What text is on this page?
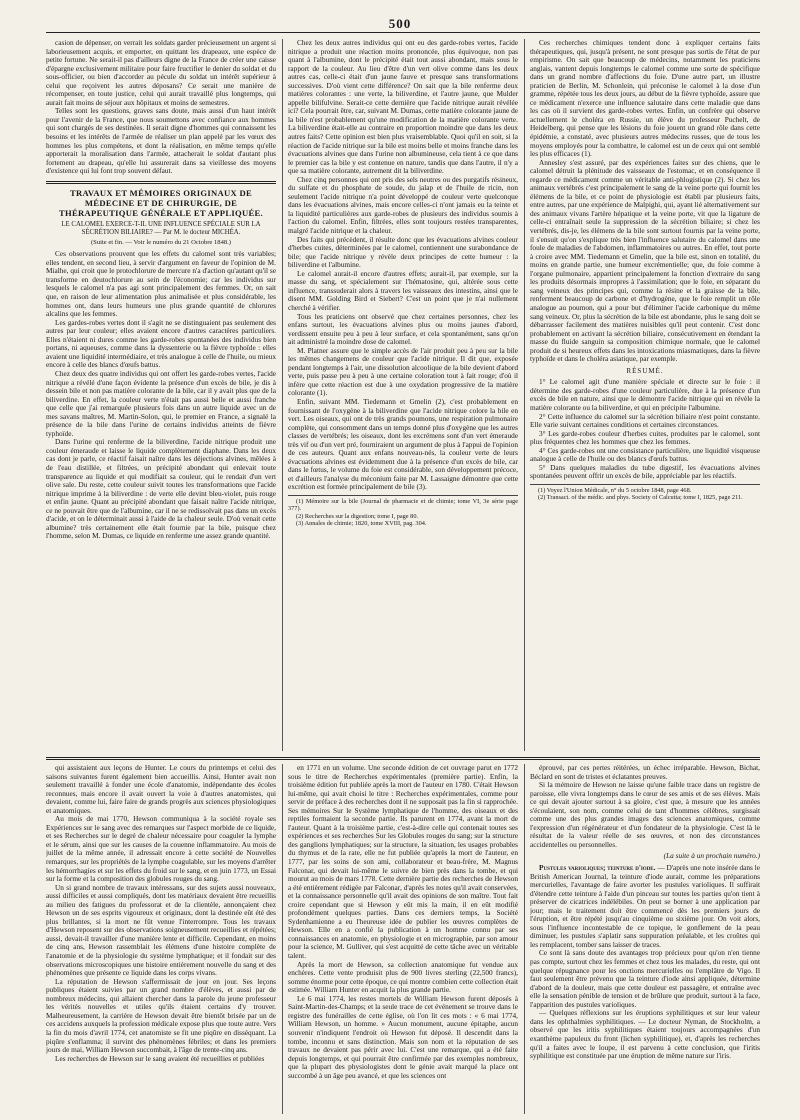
500

casion de dépenser, on verrait les soldats garder précieusement un argent si laborieusement acquis, et emporter, en quittant les drapeaux, une espèce de petite fortune. Ne serait-il pas d'ailleurs digne de la France de créer une caisse d'épargne exclusivement militaire pour faire fructifier le denier du soldat et du sous-officier, ou bien d'accorder au pécule du soldat un intérêt supérieur à celui que reçoivent les autres déposans? Ce serait une manière de récompenser, en toute justice, celui qui aurait travaillé plus longtemps, qui aurait fait moins de séjour aux hôpitaux et moins de semestres.

Telles sont les questions, graves sans doute, mais aussi d'un haut intérêt pour l'avenir de la France, que nous soumettons avec confiance aux hommes qui sont chargés de ses destinées. Il serait digne d'hommes qui connaissent les besoins et les intérêts de l'armée de réaliser un plan appelé par les vœux des hommes les plus compétens, et dont la réalisation, en même temps qu'elle apporterait la moralisation dans l'armée, attacherait le soldat d'autant plus fortement au drapeau, qu'elle lui assurerait dans sa vieillesse des moyens d'existence qui lui font trop souvent défaut.

TRAVAUX ET MÉMOIRES ORIGINAUX DE MÉDECINE ET DE CHIRURGIE, DE THÉRAPEUTIQUE GÉNÉRALE ET APPLIQUÉE.
LE CALOMEL EXERCE-T-IL UNE INFLUENCE SPÉCIALE SUR LA SÉCRÉTION BILIAIRE? — Par M. le docteur MICHÉA.
(Suite et fin. — Voir le numéro du 21 Octobre 1848.)

Ces observations prouvent que les effets du calomel sont très variables; elles tendent, en second lieu, à servir d'argument en faveur de l'opinion de M. Mialhe, qui croit que le protochlorure de mercure n'a d'action qu'autant qu'il se transforme en deutochlorure au sein de l'économie; car les individus sur lesquels le calomel n'a pas agi sont principalement des femmes. Or, on sait que, en raison de leur alimentation plus animalisée et plus considérable, les hommes ont, dans leurs humeurs une plus grande quantité de chlorures alcalins que les femmes.

Les gardes-robes vertes dont il s'agit ne se distinguaient pas seulement des autres par leur couleur; elles avaient encore d'autres caractères particuliers. Elles n'étaient ni dures comme les garde-robes spontanées des individus bien portans, ni aqueuses, comme dans la dyssenterie ou la fièvre typhoïde : elles avaient une liquidité intermédiaire, et très analogue à celle de l'huile, ou mieux encore à celle des blancs d'œufs battus.

Chez deux des quatre individus qui ont offert les garde-robes vertes, l'acide nitrique a révélé d'une façon évidente la présence d'un excès de bile, je dis à dessein bile et non pas matière colorante de la bile, car il y avait plus que de la biliverdine. En effet, la couleur verte n'était pas aussi belle et aussi franche que celle que j'ai remarquée plusieurs fois dans un autre liquide avec un de mes savans maîtres, M. Martin-Solon, qui, le premier en France, a signalé la présence de la bile dans l'urine de certains individus atteints de fièvre typhoïde.

Dans l'urine qui renferme de la biliverdine, l'acide nitrique produit une couleur émeraude et laisse le liquide complètement diaphane. Dans les deux cas dont je parle, ce réactif faisait naître dans les déjections alvines, mêlées à de l'eau distillée, et filtrées, un précipité abondant qui enlevait toute transparence au liquide et qui modifiait sa couleur, qui le rendait d'un vert olive sale. Du reste, cette couleur suivit toutes les transformations que l'acide nitrique imprime à la biliverdine : de verte elle devint bleu-violet, puis rouge et enfin jaune. Quant au précipité abondant que faisait naître l'acide nitrique, ce ne pouvait être que de l'albumine, car il ne se redissolvait pas dans un excès d'acide, et on le déterminait aussi à l'aide de la chaleur seule. D'où venait cette albumine? très certainement elle était fournie par la bile, puisque chez l'homme, selon M. Dumas, ce liquide en renferme une assez grande quantité.

Chez les deux autres individus qui ont eu des garde-robes vertes, l'acide nitrique a produit une réaction moins prononcée, plus équivoque, non pas quant à l'albumine, dont le précipité était tout aussi abondant, mais sous le rapport de la couleur. Au lieu d'être d'un vert olive comme dans les deux autres cas, celle-ci était d'un jaune fauve et presque sans transformations successives. D'où vient cette différence? On sait que la bile renferme deux matières colorantes : une verte, la biliverdine, et l'autre jaune, que Mulder appelle bilifulvine. Serait-ce cette dernière que l'acide nitrique aurait révélée ici? Cela pourrait être, car, suivant M. Dumas, cette matière colorante jaune de la bile n'est probablement qu'une modification de la matière colorante verte. La biliverdine était-elle au contraire en proportion moindre que dans les deux autres faits? Cette opinion est bien plus vraisemblable. Quoi qu'il en soit, si la réaction de l'acide nitrique sur la bile est moins belle et moins franche dans les évacuations alvines que dans l'urine non albumineuse, cela tient à ce que dans le premier cas la bile y est contenue en nature, tandis que dans l'autre, il n'y a que sa matière colorante, autrement dit la biliverdine.

Chez cinq personnes qui ont pris des sels neutres ou des purgatifs résineux, du sulfate et du phosphate de soude, du jalap et de l'huile de ricin, non seulement l'acide nitrique n'a point développé de couleur verte quelconque dans les évacuations alvines, mais encore celles-ci n'ont jamais eu la teinte et la liquidité particulières aux garde-robes de plusieurs des individus soumis à l'action du calomel. Enfin, filtrées, elles sont toujours restées transparentes, malgré l'acide nitrique et la chaleur.

Des faits qui précèdent, il résulte donc que les évacuations alvines couleur d'herbes cuites, déterminées par le calomel, contiennent une surabondance de bile; que l'acide nitrique y révèle deux principes de cette humeur : la biliverdine et l'albumine.

Le calomel aurait-il encore d'autres effets; aurait-il, par exemple, sur la masse du sang, et spécialement sur l'hématosine, qui, altérée sous cette influence, transsuderait alors à travers les vaisseaux des intestins, ainsi que le disent MM. Golding Bird et Siebert? C'est un point que je n'ai nullement cherché à vérifier.

Tous les praticiens ont observé que chez certaines personnes, chez les enfans surtout, les évacuations alvines plus ou moins jaunes d'abord, verdissent ensuite peu à peu à leur surface, et cela spontanément, sans qu'on ait administré la moindre dose de calomel.

M. Platner assure que le simple accès de l'air produit peu à peu sur la bile les mêmes changemens de couleur que l'acide nitrique. Il dit que, exposée pendant longtemps à l'air, une dissolution alcoolique de la bile devient d'abord verte, puis passe peu à peu à une certaine coloration tout à fait rouge; d'où il infère que cette réaction est due à une oxydation progressive de la matière colorante (1).

Enfin, suivant MM. Tiedemann et Gmelin (2), c'est probablement en fournissant de l'oxygène à la biliverdine que l'acide nitrique colore la bile en vert. Les oiseaux, qui ont de très grands poumons, une respiration pulmonaire complète, qui consomment dans un temps donné plus d'oxygène que les autres classes de vertébrés; les oiseaux, dont les excrémens sont d'un vert émeraude très vif ou d'un vert pré, fourniraient un argument de plus à l'appui de l'opinion de ces auteurs. Quant aux enfans nouveau-nés, la couleur verte de leurs évacuations alvines est évidemment due à la présence d'un excès de bile, car dans le fœtus, le volume du foie est considérable, son développement précoce, et d'ailleurs l'analyse du méconium faite par M. Lassaigne démontre que cette excrétion est formée principalement de bile (3).

(1) Mémoire sur la bile (Journal de pharmacie et de chimie; tome VI, 3e série page 377).
(2) Recherches sur la digestion; tome I, page 80.
(3) Annales de chimie; 1820, tome XVIII, pag. 304.

Ces recherches chimiques tendent donc à expliquer certains faits thérapeutiques, qui, jusqu'à présent, ne sont presque pas sortis de l'état de pur empirisme. On sait que beaucoup de médecins, notamment les praticiens anglais, vantent depuis longtemps le calomel comme une sorte de spécifique dans un grand nombre d'affections du foie. D'une autre part, un illustre praticien de Berlin, M. Schonlein, qui préconise le calomel à la dose d'un gramme, répétée tous les deux jours, au début de la fièvre typhoïde, assure que ce médicament n'exerce une influence salutaire dans cette maladie que dans les cas où il survient des garde-robes vertes. Enfin, un confrère qui observe actuellement le choléra en Russie, un élève du professeur Puchelt, de Heidelberg, qui pense que les lésions du foie jouent un grand rôle dans cette épidémie, a constaté, avec plusieurs autres médecins russes, que de tous les moyens employés pour la combattre, le calomel est un de ceux qui ont semblé les plus efficaces (1).

Annesley s'est assuré, par des expériences faites sur des chiens, que le calomel détruit la plénitude des vaisseaux de l'estomac, et en conséquence il regarde ce médicament comme un véritable anti-phlogistique (2). Si chez les animaux vertébrés c'est principalement le sang de la veine porte qui fournit les élémens de la bile, et ce point de physiologie est établi par plusieurs faits, entre autres, par une expérience de Malpighi, qui, ayant lié alternativement sur des animaux vivans l'artère hépatique et la veine porte, vit que la ligature de celle-ci entraînait seule la suppression de la sécrétion biliaire; si chez les vertébrés, dis-je, les élémens de la bile sont surtout fournis par la veine porte, il s'ensuit qu'on s'explique très bien l'influence salutaire du calomel dans une foule de maladies de l'abdomen, inflammatoires ou autres. En effet, tout porte à croire avec MM. Tiedemann et Gmelin, que la bile est, sinon en totalité, du moins en grande partie, une humeur excrémentielle; que, du foie comme à l'organe pulmonaire, appartient principalement la fonction d'extraire du sang les produits désormais impropres à l'assimilation; que le foie, en séparant du sang veineux des principes qui, comme la résine et la graisse de la bile, renferment beaucoup de carbone et d'hydrogène, que le foie remplit un rôle analogue au poumon, qui a pour but d'éliminer l'acide carbonique du même sang veineux. Or, plus la sécrétion de la bile est abondante, plus le sang doit se débarrasser facilement des matières nuisibles qu'il peut contenir. C'est donc probablement en activant la sécrétion biliaire, consécutivement en étendant la masse du fluide sanguin sa composition chimique normale, que le calomel produit de si heureux effets dans les intoxications miasmatiques, dans la fièvre typhoïde et dans le choléra asiatique, par exemple.

RÉSUMÉ.

1° Le calomel agit d'une manière spéciale et directe sur le foie : il détermine des garde-robes d'une couleur particulière, due à la présence d'un excès de bile en nature, ainsi que le démontre l'acide nitrique qui en révèle la matière colorante ou la biliverdine, et qui en précipite l'albumine.

2° Cette influence du calomel sur la sécrétion biliaire n'est point constante. Elle varie suivant certaines conditions et certaines circonstances.

3° Les garde-robes couleur d'herbes cuites, produites par le calomel, sont plus fréquentes chez les hommes que chez les femmes.

4° Ces garde-robes ont une consistance particulière, une liquidité visqueuse analogue à celle de l'huile ou des blancs d'œufs battus.

5° Dans quelques maladies du tube digestif, les évacuations alvines spontanées peuvent offrir un excès de bile, appréciable par les réactifs.

(1) Voyez l'Union Médicale, n° du 5 octobre 1848, page 468.
(2) Transact. of the médic. and phys. Society of Calcutta; tome I, 1825, page 211.

qui assistaient aux leçons de Hunter. Le cours du printemps et celui des saisons suivantes furent également bien accueillis. Ainsi, Hunter avait non seulement travaillé à fonder une école d'anatomie, indépendante des écoles reconnues, mais encore il avait ouvert la voie à d'autres anatomistes, qui devaient, comme lui, faire faire de grands progrès aux sciences physiologiques et anatomiques.

Au mois de mai 1770, Hewson communiqua à la société royale ses Expériences sur le sang avec des remarques sur l'aspect morbide de ce liquide, et ses Recherches sur le degré de chaleur nécessaire pour coaguler la lymphe et le sérum, ainsi que sur les causes de la couenne inflammatoire. Au mois de juillet de la même année, il adressait encore à cette société de Nouvelles remarques, sur les propriétés de la lymphe coagulable, sur les moyens d'arrêter les hémorrhagies et sur les effets du froid sur le sang, et en juin 1773, un Essai sur la forme et la composition des globules rouges du sang.

Un si grand nombre de travaux intéressans, sur des sujets aussi nouveaux, aussi difficiles et aussi compliqués, dont les matériaux devaient être recueillis au milieu des fatigues du professorat et de la clientèle, annonçaient chez Hewson un de ses esprits vigoureux et originaux, dont la destinée eût été des plus brillantes, si la mort ne fût venue l'interrompre. Tous les travaux d'Hewson reposent sur des observations soigneusement recueillies et répétées; aussi, devait-il travailler d'une manière lente et difficile. Cependant, en moins de cinq ans, Hewson rassemblait les élémens d'une histoire complète de l'anatomie et de la physiologie du système lymphatique; et il fondait sur des observations microscopiques une histoire entièrement nouvelle du sang et des phénomènes que présente ce liquide dans les corps vivans.

La réputation de Hewson s'affermissait de jour en jour. Ses leçons publiques étaient suivies par un grand nombre d'élèves, et aussi par de nombreux médecins, qui allaient chercher dans la parole du jeune professeur les vérités nouvelles et utiles qu'ils étaient certains d'y trouver. Malheureusement, la carrière de Hewson devait être bientôt brisée par un de ces accidens auxquels la profession médicale expose plus que toute autre. Vers la fin du mois d'avril 1774, cet anatomiste se fit une piqûre en disséquant. La piqûre s'enflamma; il survint des phénomènes fébriles; et dans les premiers jours de mai, William Hewson succombait, à l'âge de trente-cinq ans.

Les recherches de Hewson sur le sang avaient été recueillies et publiées

en 1771 en un volume. Une seconde édition de cet ouvrage parut en 1772 sous le titre de Recherches expérimentales (première partie). Enfin, la troisième édition fut publiée après la mort de l'auteur en 1780. C'était Hewson lui-même, qui avait choisi le titre : Recherches expérimentales, comme pour servir de préface à des recherches dont il ne supposait pas la fin si rapprochée. Ses mémoires Sur le Système lymphatique de l'homme, des oiseaux et des reptiles formaient la seconde partie. Ils parurent en 1774, avant la mort de l'auteur. Quant à la troisième partie, c'est-à-dire celle qui contenait toutes ses expériences et ses recherches Sur les Globules rouges du sang; sur la structure des ganglions lymphatiques; sur la structure, la situation, les usages probables du thymus et de la rate, elle ne fut publiée qu'après la mort de l'auteur, en 1777, par les soins de son ami, collaborateur et beau-frère, M. Magnus Falconar, qui devait lui-même le suivre de bien près dans la tombe, et qui mourut au mois de mars 1778. Cette dernière partie des recherches de Hewson a été entièrement rédigée par Falconar, d'après les notes qu'il avait conservées, et la connaissance personnelle qu'il avait des opinions de son maître. Tout fait croire cependant que si Hewson y eût mis la main, il en eût modifié profondément quelques parties. Dans ces derniers temps, la Société Sydenhamienne a eu l'heureuse idée de publier les œuvres complètes de Hewson. Elle en a confié la publication à un homme connu par ses connaissances en anatomie, en physiologie et en micrographie, par son amour pour la science, M. Gulliver, qui s'est acquitté de cette tâche avec un véritable talent.

Après la mort de Hewson, sa collection anatomique fut vendue aux enchères. Cette vente produisit plus de 900 livres sterling (22,500 francs), somme énorme pour cette époque, ce qui montre combien cette collection était estimée. William Hunter en acquit la plus grande partie.

Le 6 mai 1774, les restes mortels de William Hewson furent déposés à Saint-Martin-des-Champs; et la seule trace de cet événement se trouve dans le registre des funérailles de cette église, où l'on lit ces mots : « 6 mai 1774, William Hewson, un homme. » Aucun monument, aucune épitaphe, aucun souvenir n'indiquent l'endroit où Hewson fut déposé. Il descendit dans la tombe, inconnu et sans distinction. Mais son nom et la réputation de ses travaux ne devaient pas périr avec lui. C'est une remarque, qui a été faite depuis longtemps, et qui pourrait être confirmée par des exemples nombreux, que la plupart des physiologistes dont le génie avait marqué la place ont succombé à un âge peu avancé, et que les sciences ont

éprouvé, par ces pertes réitérées, un échec irréparable. Hewson, Bichat, Béclard en sont de tristes et éclatantes preuves.

Si la mémoire de Hewson ne laisse qu'une faible trace dans un registre de paroisse, elle vivra longtemps dans le cœur de ses amis et de ses élèves. Mais ce qui devait ajouter surtout à sa gloire, c'est que, à mesure que les années s'écoulaient, son nom, comme celui de tant d'hommes célèbres, surgissait comme une des plus grandes images des sciences anatomiques, comme l'expression d'un régénérateur et d'un fondateur de la physiologie. C'est là le résultat de la valeur réelle de ses œuvres, et non des circonstances accidentelles ou personnelles.

(La suite à un prochain numéro.)

Pustules varioliques; teinture d'iode. — D'après une note insérée dans le British American Journal, la teinture d'iode aurait, comme les préparations mercurielles, l'avantage de faire avorter les pustules varioliques. Il suffirait d'étendre cette teinture à l'aide d'un pinceau sur toutes les parties qu'on tient à préserver de cicatrices indélébiles. On peut se borner à une application par jour; mais le traitement doit être commencé dès les premiers jours de l'éruption, et être répété jusqu'au cinquième ou sixième jour. On voit alors, sous l'influence incontestable de ce topique, le gonflement de la peau diminuer, les pustules s'aplatir sans suppuration préalable, et les croûtes qui les remplacent, tomber sans laisser de traces.

Ce sont là sans doute des avantages trop précieux pour qu'on n'en tienne pas compte, surtout chez les femmes et chez tous les malades, du reste, qui ont quelque répugnance pour les onctions mercurielles ou l'emplâtre de Vigo. Il faut seulement être prévenu que la teinture d'iode ainsi appliquée, détermine d'abord de la douleur, mais que cette douleur est passagère, et entraîne avec elle la sensation pénible de tension et de brûlure que produit, surtout à la face, l'apparition des pustules varioliques.

— Quelques réflexions sur les éruptions syphilitiques et sur leur valeur dans les ophthalmies syphilitiques. — Le docteur Nyman, de Stockholm, a observé que les iritis syphilitiques étaient toujours accompagnées d'un exanthème papuleux du front (lichen syphilitique), et, d'après les recherches qu'il a faites avec le loupe, il est parvenu à cette conclusion, que l'iritis syphilitique est constituée par une éruption de même nature sur l'iris.
